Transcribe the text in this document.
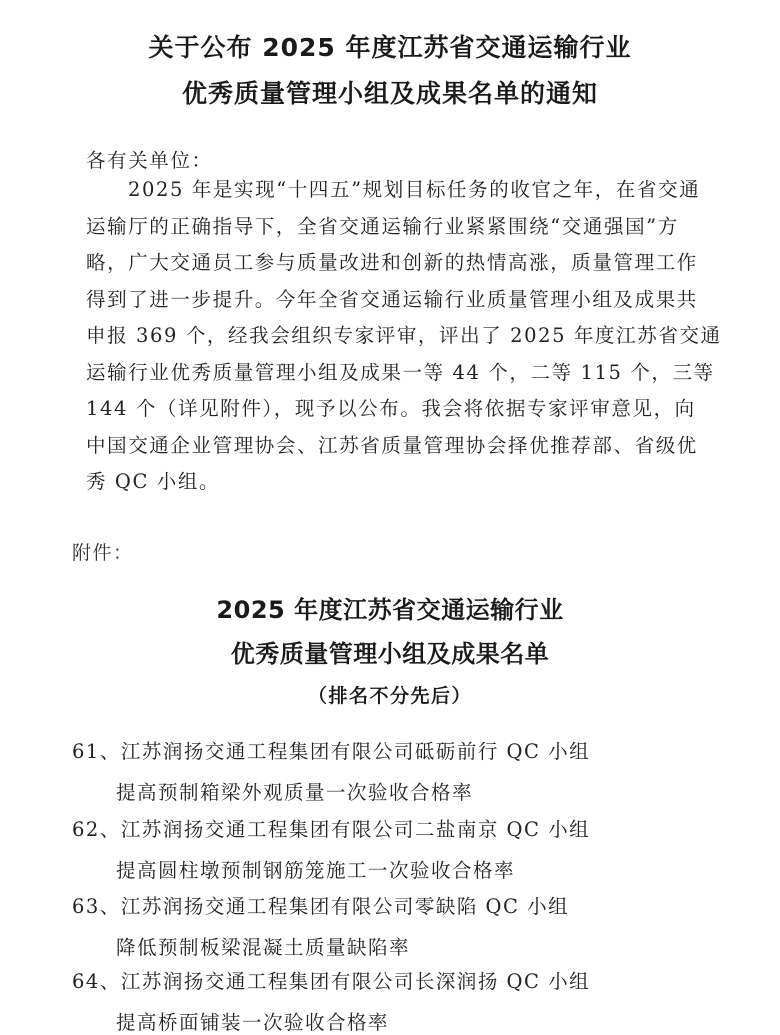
关于公布 2025 年度江苏省交通运输行业
优秀质量管理小组及成果名单的通知
各有关单位：
2025 年是实现“十四五”规划目标任务的收官之年，在省交通
运输厅的正确指导下，全省交通运输行业紧紧围绕“交通强国”方
略，广大交通员工参与质量改进和创新的热情高涨，质量管理工作
得到了进一步提升。今年全省交通运输行业质量管理小组及成果共
申报 369 个，经我会组织专家评审，评出了 2025 年度江苏省交通
运输行业优秀质量管理小组及成果一等 44 个，二等 115 个，三等
144 个（详见附件），现予以公布。我会将依据专家评审意见，向
中国交通企业管理协会、江苏省质量管理协会择优推荐部、省级优
秀 QC 小组。
附件：
2025 年度江苏省交通运输行业
优秀质量管理小组及成果名单
（排名不分先后）
61、江苏润扬交通工程集团有限公司砥砺前行 QC 小组
提高预制箱梁外观质量一次验收合格率
62、江苏润扬交通工程集团有限公司二盐南京 QC 小组
提高圆柱墩预制钢筋笼施工一次验收合格率
63、江苏润扬交通工程集团有限公司零缺陷 QC 小组
降低预制板梁混凝土质量缺陷率
64、江苏润扬交通工程集团有限公司长深润扬 QC 小组
提高桥面铺装一次验收合格率
